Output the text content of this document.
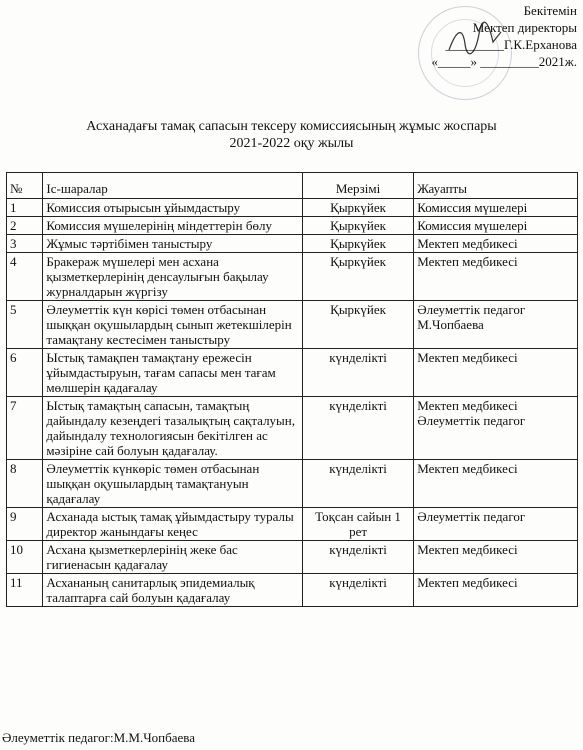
Бекітемін
Мектеп директоры
_________Г.К.Ерханова
«_____» _________2021ж.
Асханадағы тамақ сапасын тексеру комиссиясының жұмыс жоспары
2021-2022 оқу жылы
№	Іс-шаралар	Мерзімі	Жауапты
1	Комиссия отырысын ұйымдастыру	Қыркүйек	Комиссия мүшелері
2	Комиссия мүшелерінің міндеттерін бөлу	Қыркүйек	Комиссия мүшелері
3	Жұмыс тәртібімен таныстыру	Қыркүйек	Мектеп медбикесі
4	Бракераж мүшелері мен асхана қызметкерлерінің денсаулығын бақылау журналдарын жүргізу	Қыркүйек	Мектеп медбикесі
5	Әлеуметтік күн көрісі төмен отбасынан шыққан оқушылардың сынып жетекшілерін тамақтану кестесімен таныстыру	Қыркүйек	Әлеуметтік педагог М.Чопбаева
6	Ыстық тамақпен тамақтану ережесін ұйымдастыруын, тағам сапасы мен тағам мөлшерін қадағалау	күнделікті	Мектеп медбикесі
7	Ыстық тамақтың сапасын, тамақтың дайындалу кезеңдегі тазалықтың сақталуын, дайындалу технологиясын бекітілген ас мәзіріне сай болуын қадағалау.	күнделікті	Мектеп медбикесі Әлеуметтік педагог
8	Әлеуметтік күнкөріс төмен отбасынан шыққан оқушылардың тамақтануын қадағалау	күнделікті	Мектеп медбикесі
9	Асханада ыстық тамақ ұйымдастыру туралы директор жанындағы кеңес	Тоқсан сайын 1 рет	Әлеуметтік педагог
10	Асхана қызметкерлерінің жеке бас гигиенасын қадағалау	күнделікті	Мектеп медбикесі
11	Асхананың санитарлық эпидемиалық талаптарға сай болуын қадағалау	күнделікті	Мектеп медбикесі
Әлеуметтік педагог:М.М.Чопбаева
